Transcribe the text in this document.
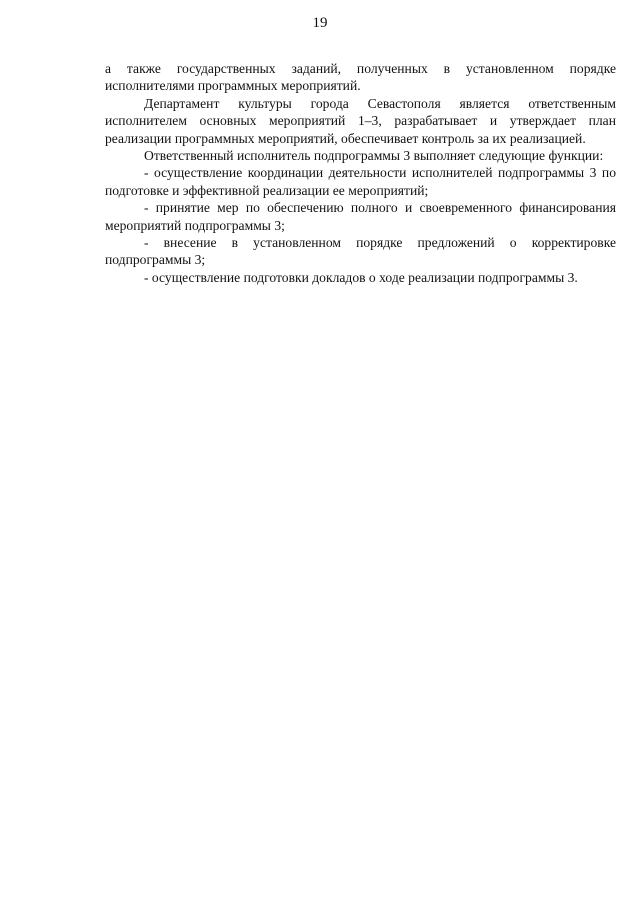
19

а также государственных заданий, полученных в установленном порядке исполнителями программных мероприятий.

Департамент культуры города Севастополя является ответственным исполнителем основных мероприятий 1–3, разрабатывает и утверждает план реализации программных мероприятий, обеспечивает контроль за их реализацией.

Ответственный исполнитель подпрограммы 3 выполняет следующие функции:

- осуществление координации деятельности исполнителей подпрограммы 3 по подготовке и эффективной реализации ее мероприятий;

- принятие мер по обеспечению полного и своевременного финансирования мероприятий подпрограммы 3;

- внесение в установленном порядке предложений о корректировке подпрограммы 3;

- осуществление подготовки докладов о ходе реализации подпрограммы 3.
